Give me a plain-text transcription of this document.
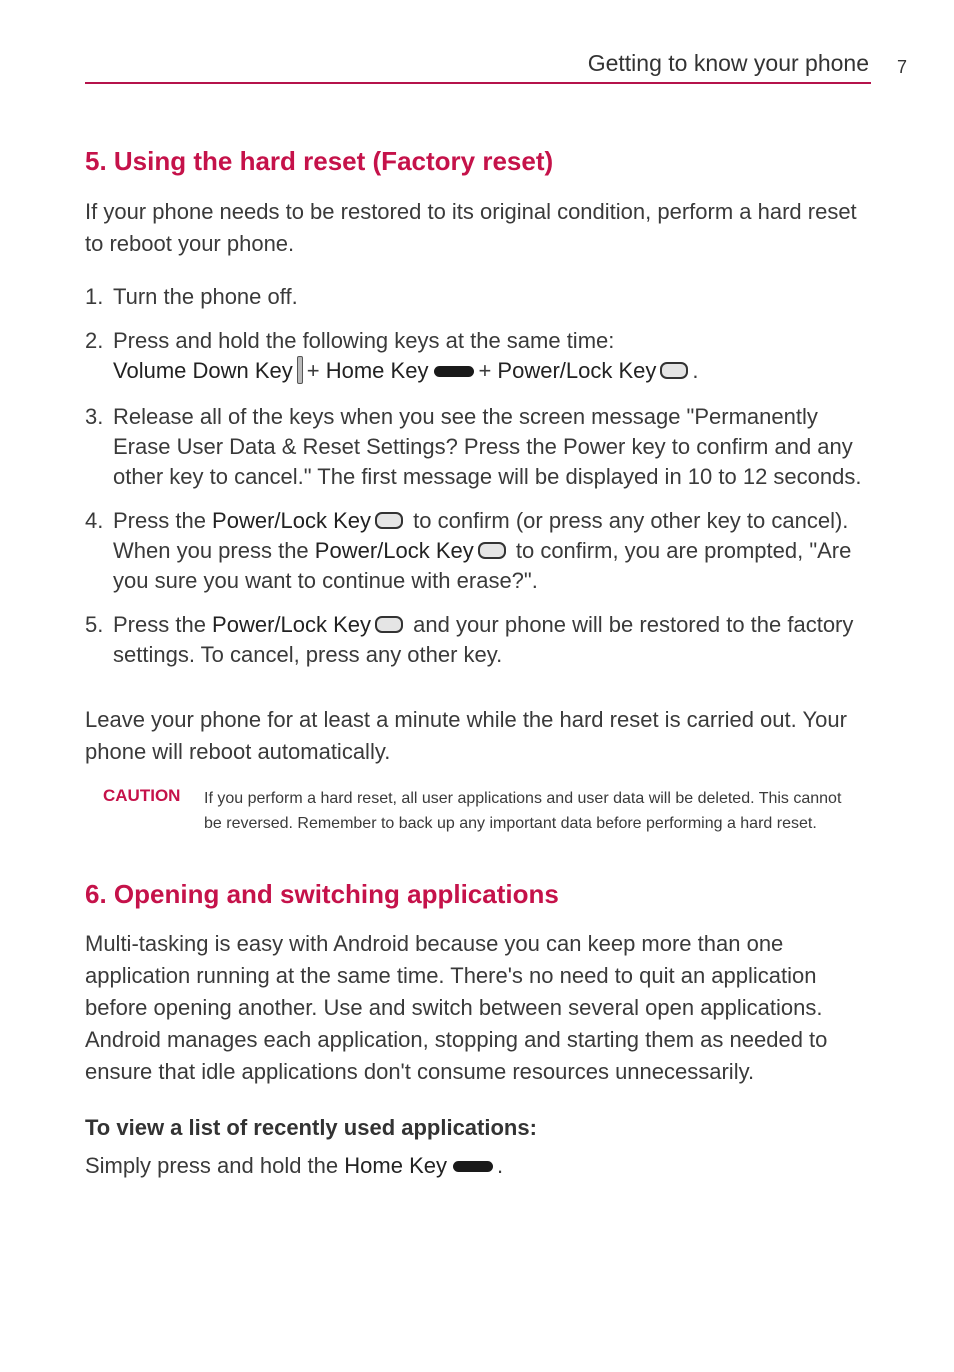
Getting to know your phone 7
5. Using the hard reset (Factory reset)

If your phone needs to be restored to its original condition, perform a hard reset to reboot your phone.

1. Turn the phone off.
2. Press and hold the following keys at the same time:
Volume Down Key + Home Key + Power/Lock Key .
3. Release all of the keys when you see the screen message "Permanently Erase User Data & Reset Settings? Press the Power key to confirm and any other key to cancel." The first message will be displayed in 10 to 12 seconds.
4. Press the Power/Lock Key to confirm (or press any other key to cancel). When you press the Power/Lock Key to confirm, you are prompted, "Are you sure you want to continue with erase?".
5. Press the Power/Lock Key and your phone will be restored to the factory settings. To cancel, press any other key.

Leave your phone for at least a minute while the hard reset is carried out. Your phone will reboot automatically.

CAUTION If you perform a hard reset, all user applications and user data will be deleted. This cannot be reversed. Remember to back up any important data before performing a hard reset.

6. Opening and switching applications

Multi-tasking is easy with Android because you can keep more than one application running at the same time. There's no need to quit an application before opening another. Use and switch between several open applications. Android manages each application, stopping and starting them as needed to ensure that idle applications don't consume resources unnecessarily.

To view a list of recently used applications:

Simply press and hold the Home Key .
